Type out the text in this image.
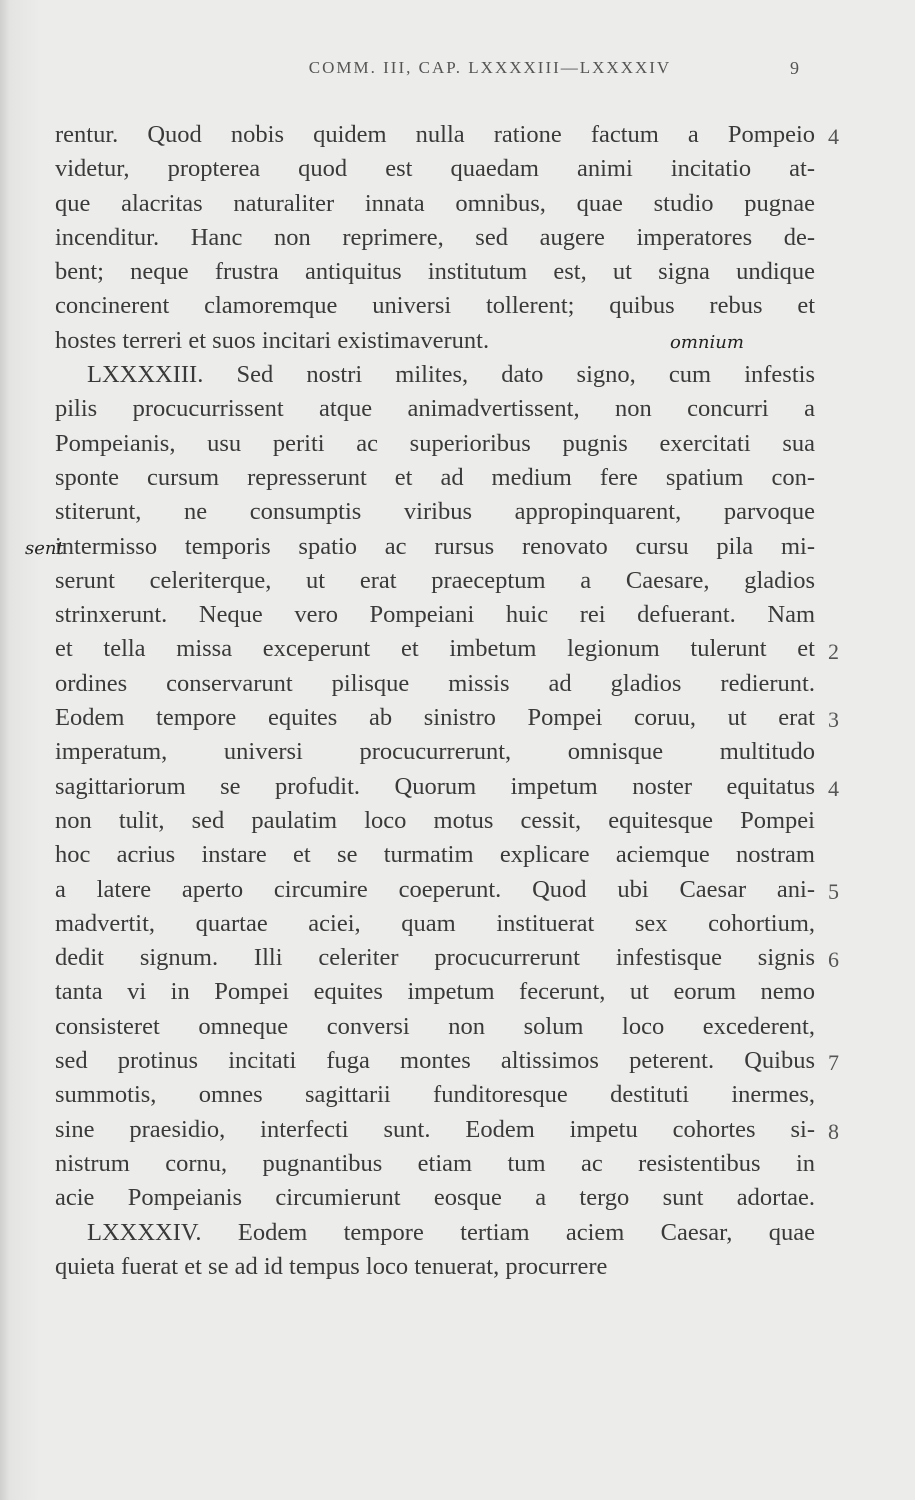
COMM. III, CAP. LXXXXIII—LXXXXIV	9
rentur. Quod nobis quidem nulla ratione factum a Pompeio
videtur, propterea quod est quaedam animi incitatio at-
que alacritas naturaliter innata omnibus, quae studio pugnae
incenditur. Hanc non reprimere, sed augere imperatores de-
bent; neque frustra antiquitus institutum est, ut signa undique
concinerent clamoremque universi tollerent; quibus rebus et
hostes terreri et suos incitari existimaverunt.
LXXXXIII. Sed nostri milites, dato signo, cum infestis
pilis procucurrissent atque animadvertissent, non concurri a
Pompeianis, usu periti ac superioribus pugnis exercitati sua
sponte cursum represserunt et ad medium fere spatium con-
stiterunt, ne consumptis viribus appropinquarent, parvoque
intermisso temporis spatio ac rursus renovato cursu pila mi-
serunt celeriterque, ut erat praeceptum a Caesare, gladios
strinxerunt. Neque vero Pompeiani huic rei defuerant. Nam
et tella missa exceperunt et imbetum legionum tulerunt et
ordines conservarunt pilisque missis ad gladios redierunt.
Eodem tempore equites ab sinistro Pompei coruu, ut erat
imperatum, universi procucurrerunt, omnisque multitudo
sagittariorum se profudit. Quorum impetum noster equitatus
non tulit, sed paulatim loco motus cessit, equitesque Pompei
hoc acrius instare et se turmatim explicare aciemque nostram
a latere aperto circumire coeperunt. Quod ubi Caesar ani-
madvertit, quartae aciei, quam instituerat sex cohortium,
dedit signum. Illi celeriter procucurrerunt infestisque signis
tanta vi in Pompei equites impetum fecerunt, ut eorum nemo
consisteret omneque conversi non solum loco excederent,
sed protinus incitati fuga montes altissimos peterent. Quibus
summotis, omnes sagittarii funditoresque destituti inermes,
sine praesidio, interfecti sunt. Eodem impetu cohortes si-
nistrum cornu, pugnantibus etiam tum ac resistentibus in
acie Pompeianis circumierunt eosque a tergo sunt adortae.
LXXXXIV. Eodem tempore tertiam aciem Caesar, quae
quieta fuerat et se ad id tempus loco tenuerat, procurrere
4
2
3
4
5
6
7
8
omnium
sent
